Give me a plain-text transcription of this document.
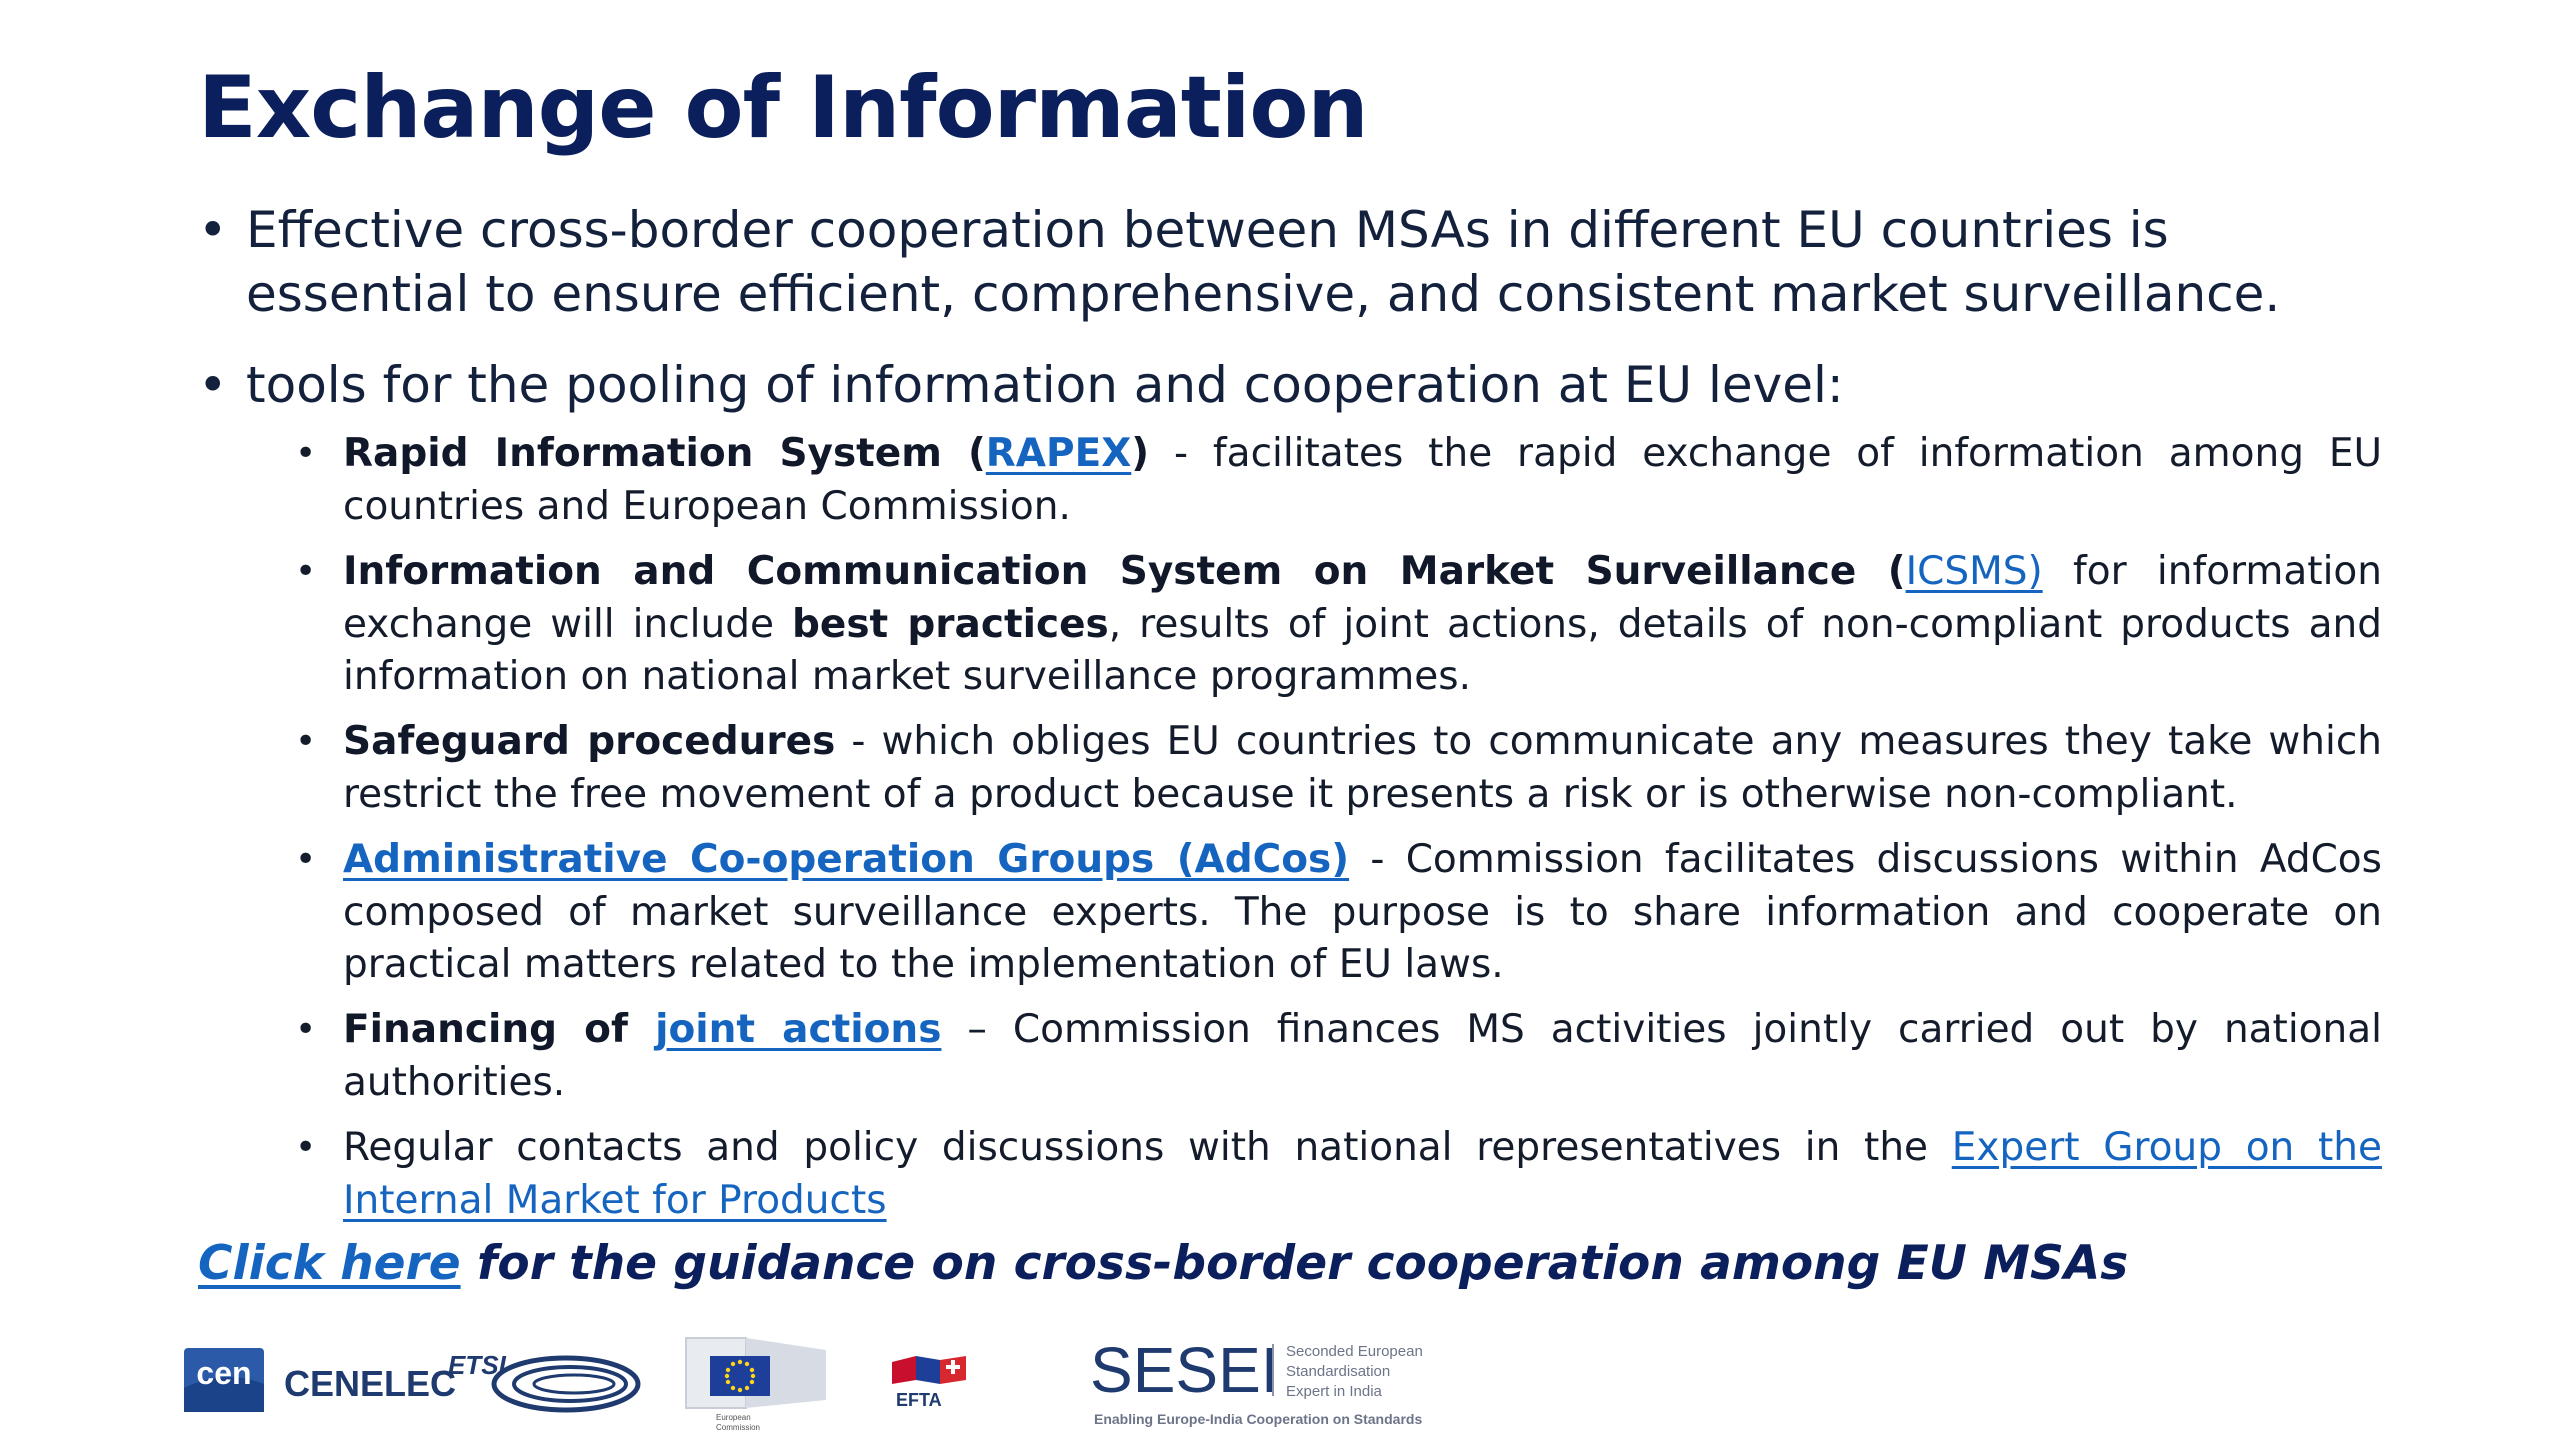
Exchange of Information
• Effective cross-border cooperation between MSAs in different EU countries is essential to ensure efficient, comprehensive, and consistent market surveillance.
• tools for the pooling of information and cooperation at EU level:
• Rapid Information System (RAPEX) - facilitates the rapid exchange of information among EU countries and European Commission.
• Information and Communication System on Market Surveillance (ICSMS) for information exchange will include best practices, results of joint actions, details of non-compliant products and information on national market surveillance programmes.
• Safeguard procedures - which obliges EU countries to communicate any measures they take which restrict the free movement of a product because it presents a risk or is otherwise non-compliant.
• Administrative Co-operation Groups (AdCos) - Commission facilitates discussions within AdCos composed of market surveillance experts. The purpose is to share information and cooperate on practical matters related to the implementation of EU laws.
• Financing of joint actions – Commission finances MS activities jointly carried out by national authorities.
• Regular contacts and policy discussions with national representatives in the Expert Group on the Internal Market for Products
Click here for the guidance on cross-border cooperation among EU MSAs
cen CENELEC
ETSI
European
Commission
EFTA SESEI Seconded European
Standardisation
Expert in India
Enabling Europe-India Cooperation on Standards
